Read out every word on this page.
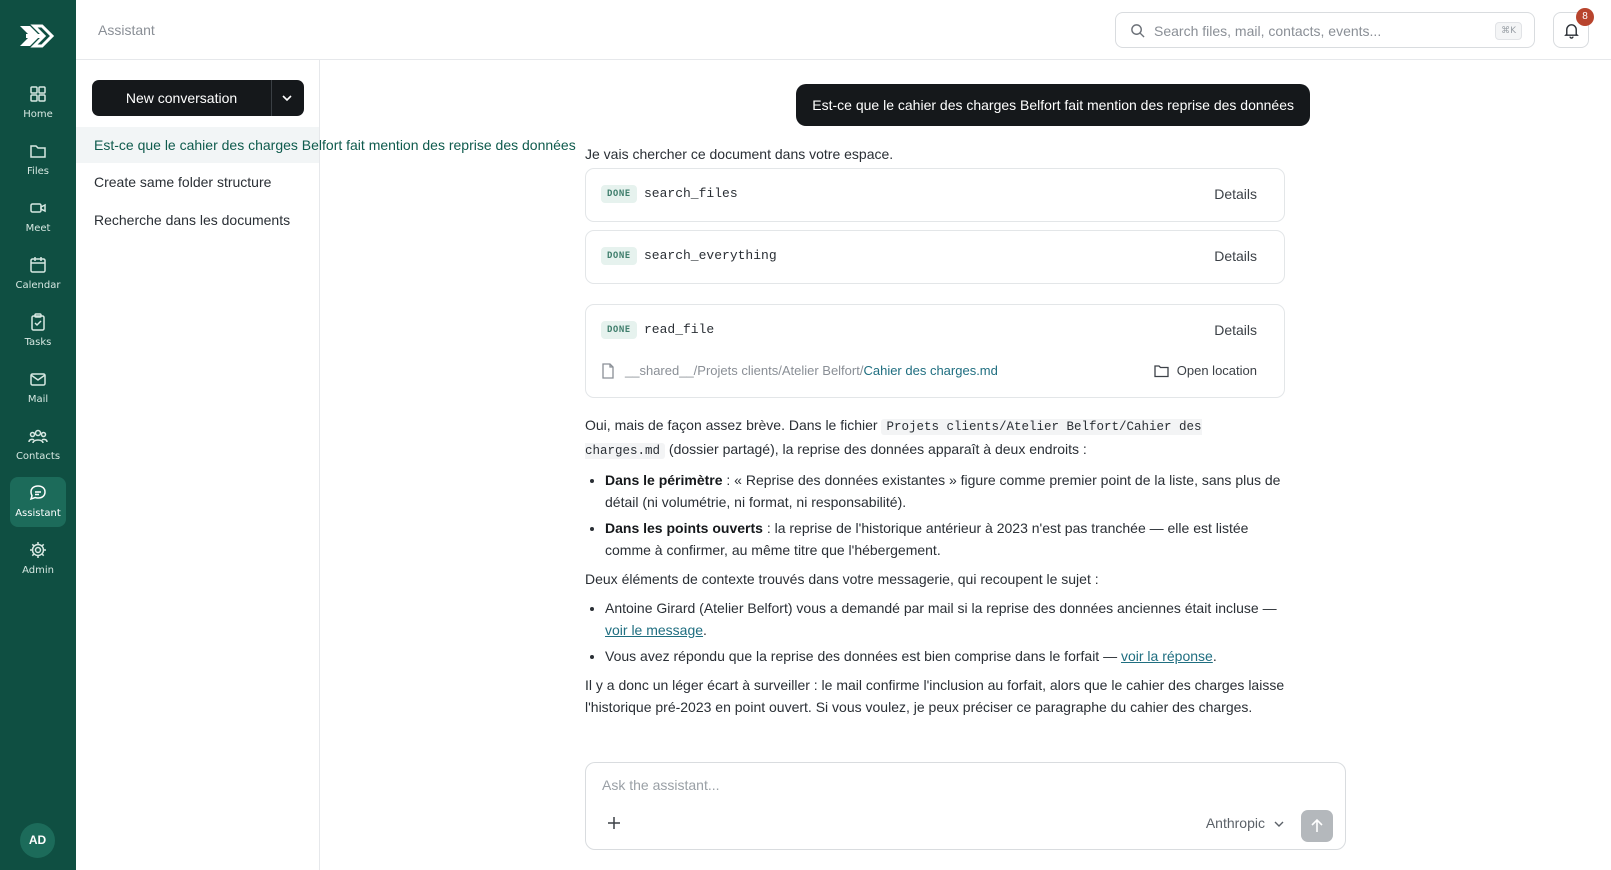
Home
Files
Meet
Calendar
Tasks
Mail
Contacts
Assistant
Admin
AD
Assistant
Search files, mail, contacts, events...	⌘K
8
New conversation
Est-ce que le cahier des charges Belfort fait mention des reprise des données
Create same folder structure
Recherche dans les documents
Est-ce que le cahier des charges Belfort fait mention des reprise des données
Je vais chercher ce document dans votre espace.
DONE	search_files	Details
DONE	search_everything	Details
DONE	read_file	Details
__shared__/Projets clients/Atelier Belfort/Cahier des charges.md	Open location

Oui, mais de façon assez brève. Dans le fichier Projets clients/Atelier Belfort/Cahier des charges.md (dossier partagé), la reprise des données apparaît à deux endroits :

• Dans le périmètre : « Reprise des données existantes » figure comme premier point de la liste, sans plus de détail (ni volumétrie, ni format, ni responsabilité).
• Dans les points ouverts : la reprise de l'historique antérieur à 2023 n'est pas tranchée — elle est listée comme à confirmer, au même titre que l'hébergement.

Deux éléments de contexte trouvés dans votre messagerie, qui recoupent le sujet :

• Antoine Girard (Atelier Belfort) vous a demandé par mail si la reprise des données anciennes était incluse — voir le message.
• Vous avez répondu que la reprise des données est bien comprise dans le forfait — voir la réponse.

Il y a donc un léger écart à surveiller : le mail confirme l'inclusion au forfait, alors que le cahier des charges laisse l'historique pré-2023 en point ouvert. Si vous voulez, je peux préciser ce paragraphe du cahier des charges.

Ask the assistant...
Anthropic
